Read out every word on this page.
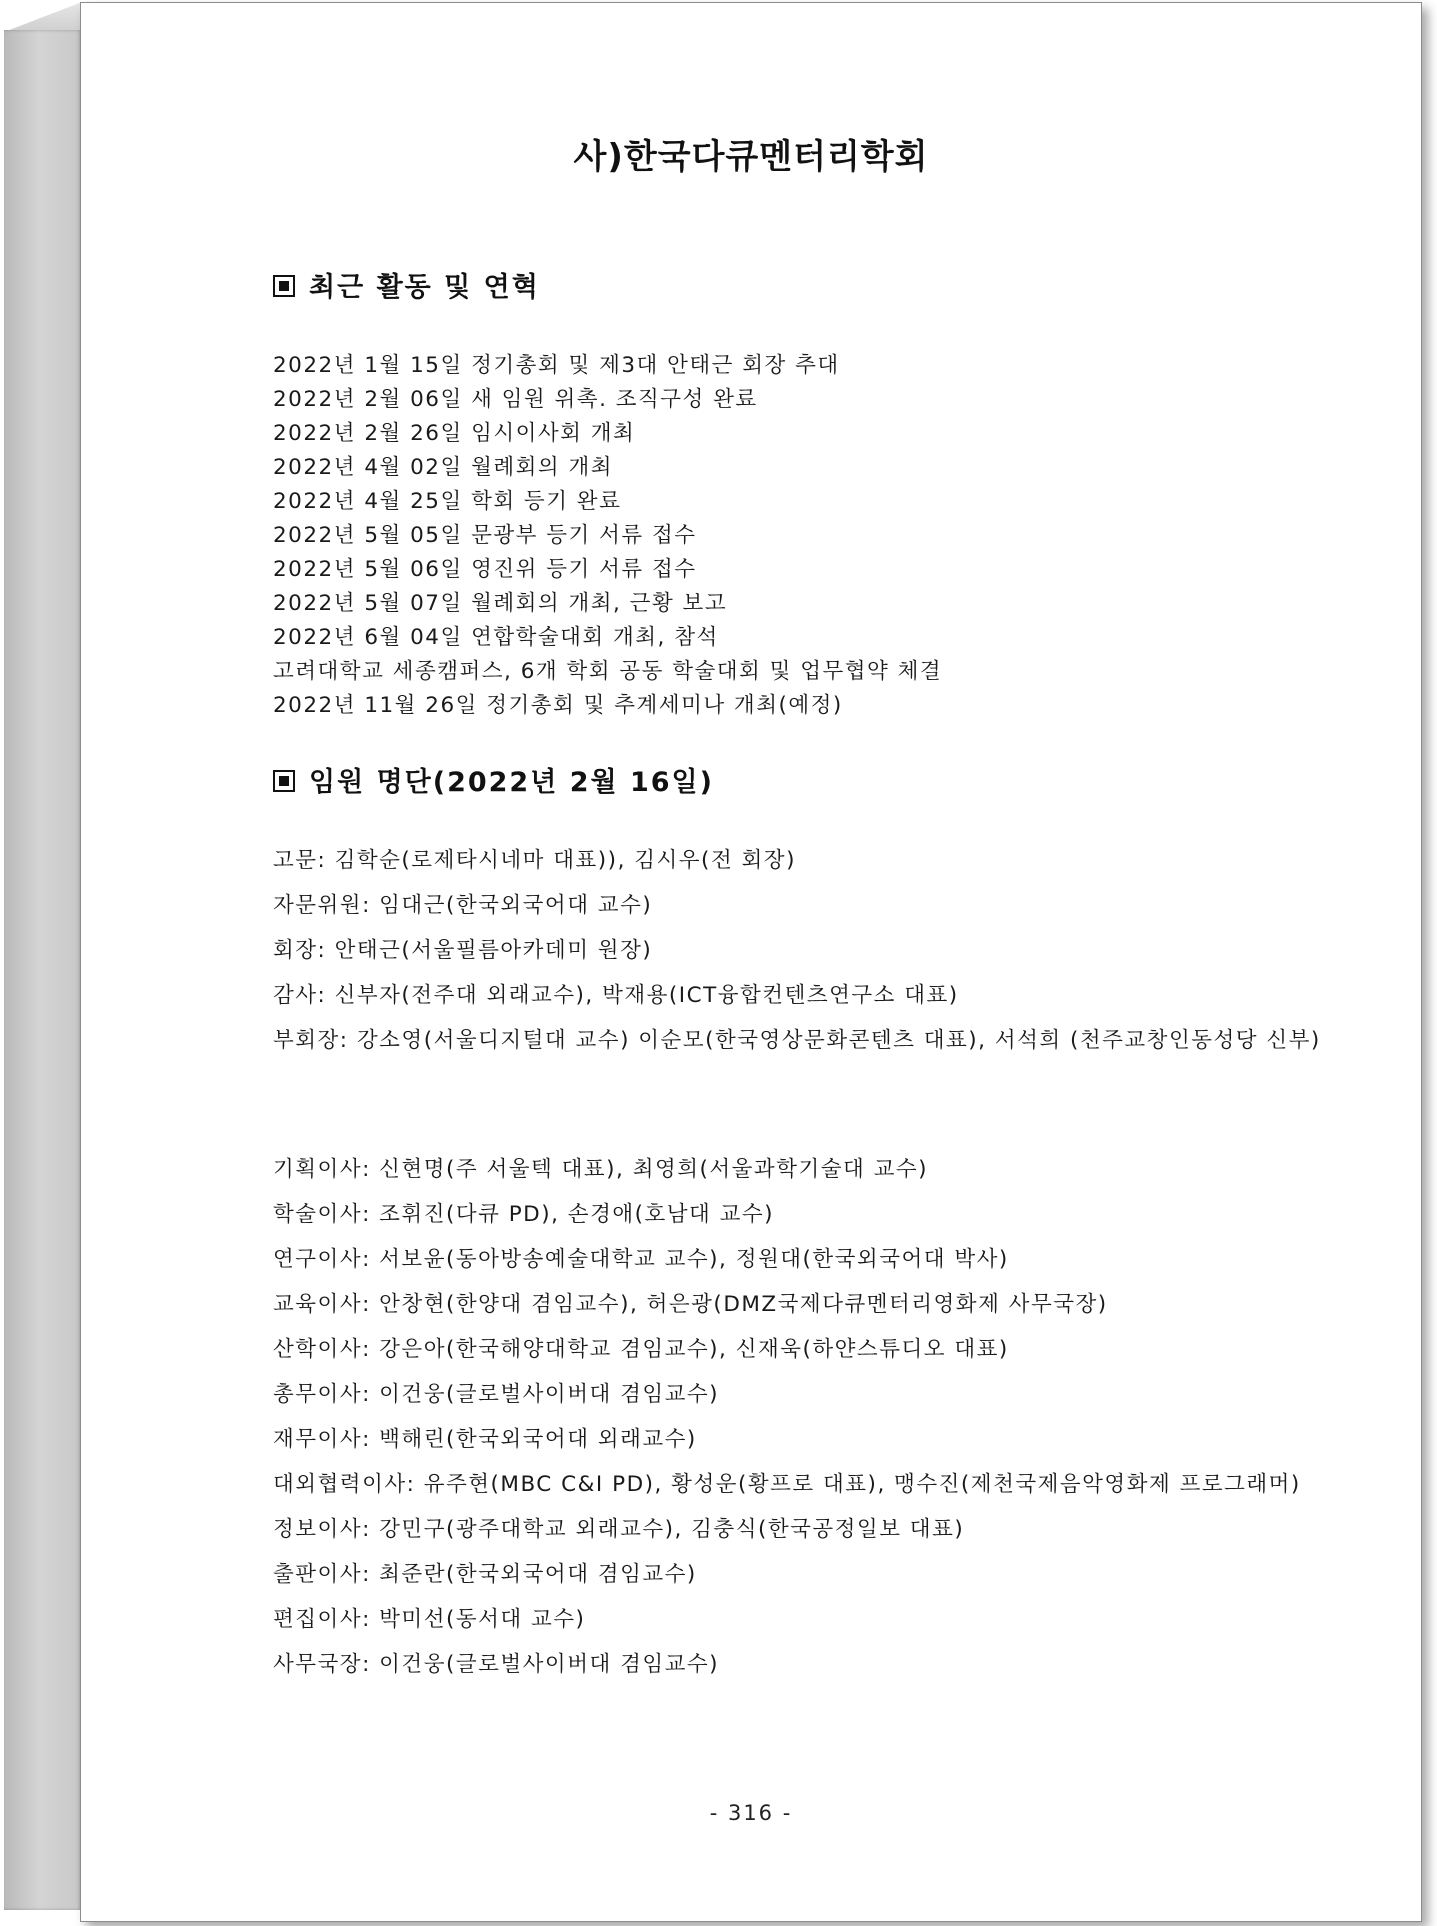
사)한국다큐멘터리학회
최근 활동 및 연혁
2022년 1월 15일 정기총회 및 제3대 안태근 회장 추대
2022년 2월 06일 새 임원 위촉. 조직구성 완료
2022년 2월 26일 임시이사회 개최
2022년 4월 02일 월례회의 개최
2022년 4월 25일 학회 등기 완료
2022년 5월 05일 문광부 등기 서류 접수
2022년 5월 06일 영진위 등기 서류 접수
2022년 5월 07일 월례회의 개최, 근황 보고
2022년 6월 04일 연합학술대회 개최, 참석
고려대학교 세종캠퍼스, 6개 학회 공동 학술대회 및 업무협약 체결
2022년 11월 26일 정기총회 및 추계세미나 개최(예정)
임원 명단(2022년 2월 16일)
고문: 김학순(로제타시네마 대표)), 김시우(전 회장)
자문위원: 임대근(한국외국어대 교수)
회장: 안태근(서울필름아카데미 원장)
감사: 신부자(전주대 외래교수), 박재용(ICT융합컨텐츠연구소 대표)
부회장: 강소영(서울디지털대 교수) 이순모(한국영상문화콘텐츠 대표), 서석희 (천주교창인동성당 신부)
기획이사: 신현명(주 서울텍 대표), 최영희(서울과학기술대 교수)
학술이사: 조휘진(다큐 PD), 손경애(호남대 교수)
연구이사: 서보윤(동아방송예술대학교 교수), 정원대(한국외국어대 박사)
교육이사: 안창현(한양대 겸임교수), 허은광(DMZ국제다큐멘터리영화제 사무국장)
산학이사: 강은아(한국해양대학교 겸임교수), 신재욱(하얀스튜디오 대표)
총무이사: 이건웅(글로벌사이버대 겸임교수)
재무이사: 백해린(한국외국어대 외래교수)
대외협력이사: 유주현(MBC C&I PD), 황성운(황프로 대표), 맹수진(제천국제음악영화제 프로그래머)
정보이사: 강민구(광주대학교 외래교수), 김충식(한국공정일보 대표)
출판이사: 최준란(한국외국어대 겸임교수)
편집이사: 박미선(동서대 교수)
사무국장: 이건웅(글로벌사이버대 겸임교수)
- 316 -
